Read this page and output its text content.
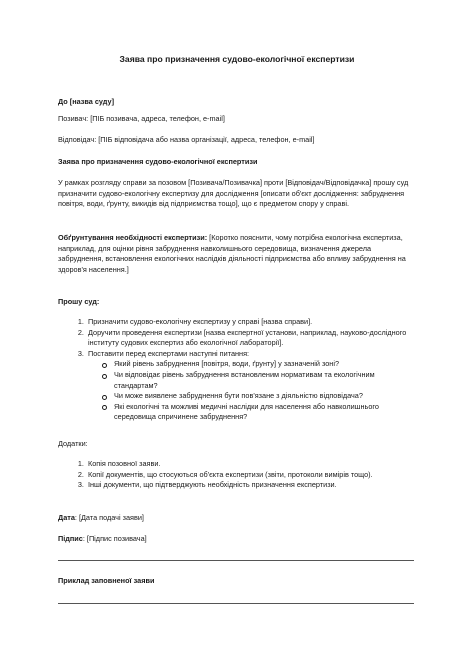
Заява про призначення судово-екологічної експертизи

До [назва суду]

Позивач: [ПІБ позивача, адреса, телефон, e-mail]

Відповідач: [ПІБ відповідача або назва організації, адреса, телефон, e-mail]

Заява про призначення судово-екологічної експертизи

У рамках розгляду справи за позовом [Позивача/Позивачка] проти [Відповідач/Відповідачка] прошу суд призначити судово-екологічну експертизу для дослідження [описати об'єкт дослідження: забруднення повітря, води, ґрунту, викидів від підприємства тощо], що є предметом спору у справі.

Обґрунтування необхідності експертизи: [Коротко пояснити, чому потрібна екологічна експертиза, наприклад, для оцінки рівня забруднення навколишнього середовища, визначення джерела забруднення, встановлення екологічних наслідків діяльності підприємства або впливу забруднення на здоров'я населення.]

Прошу суд:

1. Призначити судово-екологічну експертизу у справі [назва справи].
2. Доручити проведення експертизи [назва експертної установи, наприклад, науково-дослідного інституту судових експертиз або екологічної лабораторії].
3. Поставити перед експертами наступні питання:
Який рівень забруднення [повітря, води, ґрунту] у зазначеній зоні?
Чи відповідає рівень забруднення встановленим нормативам та екологічним стандартам?
Чи може виявлене забруднення бути пов'язане з діяльністю відповідача?
Які екологічні та можливі медичні наслідки для населення або навколишнього середовища спричинене забруднення?

Додатки:

1. Копія позовної заяви.
2. Копії документів, що стосуються об'єкта експертизи (звіти, протоколи вимірів тощо).
3. Інші документи, що підтверджують необхідність призначення експертизи.

Дата: [Дата подачі заяви]

Підпис: [Підпис позивача]

Приклад заповненої заяви
